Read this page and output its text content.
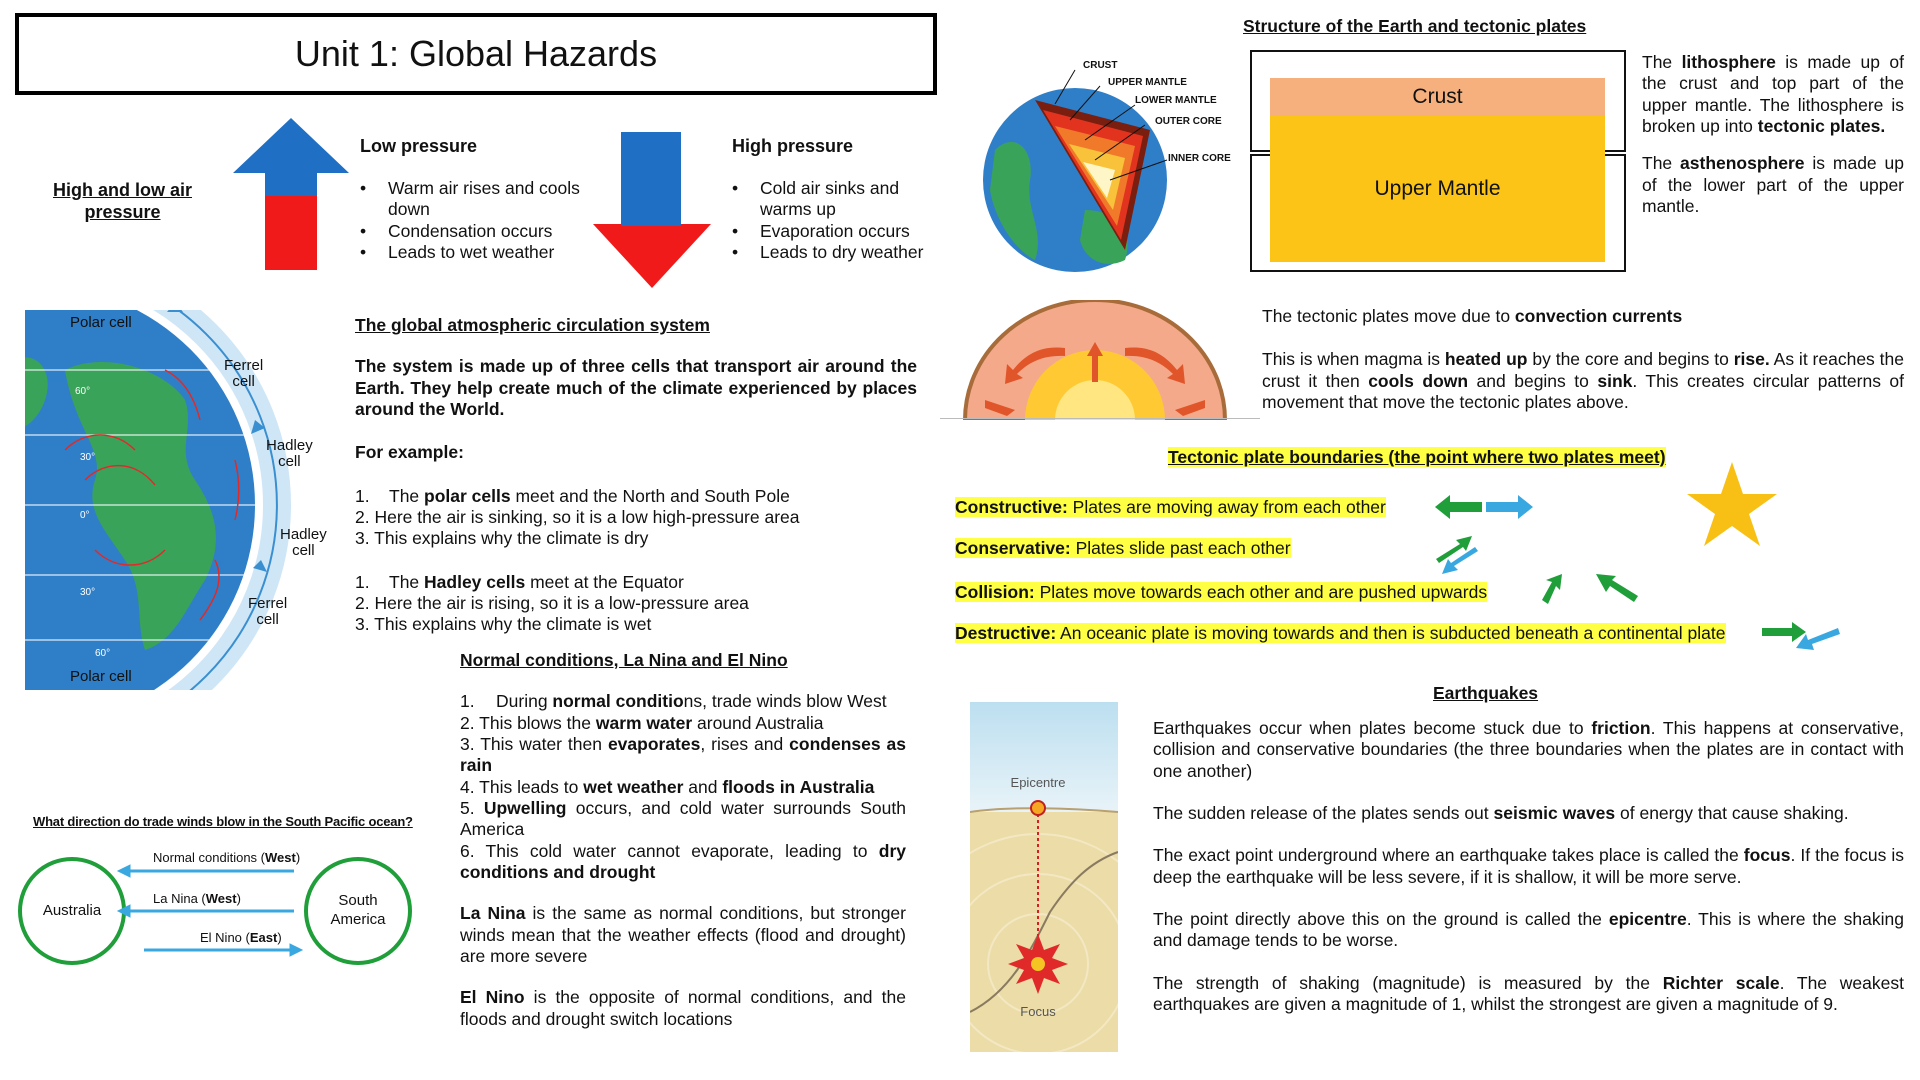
Unit 1: Global Hazards
High and low air
pressure
Low pressure
• Warm air rises and cools down
• Condensation occurs
• Leads to wet weather
High pressure
• Cold air sinks and warms up
• Evaporation occurs
• Leads to dry weather
60°
30°
0°
30°
60°
Polar cell
Polar cell
Ferrel
cell
Hadley
cell
Hadley
cell
Ferrel
cell
The global atmospheric circulation system

The system is made up of three cells that transport air around the Earth. They help create much of the climate experienced by places around the World.

For example:

1. The polar cells meet and the North and South Pole

2. Here the air is sinking, so it is a low high-pressure area

3. This explains why the climate is dry

1. The Hadley cells meet at the Equator

2. Here the air is rising, so it is a low-pressure area

3. This explains why the climate is wet

Normal conditions, La Nina and El Nino

1. During normal conditions, trade winds blow West

2. This blows the warm water around Australia

3. This water then evaporates, rises and condenses as rain

4. This leads to wet weather and floods in Australia

5. Upwelling occurs, and cold water surrounds South America

6. This cold water cannot evaporate, leading to dry conditions and drought

La Nina is the same as normal conditions, but stronger winds mean that the weather effects (flood and drought) are more severe

El Nino is the opposite of normal conditions, and the floods and drought switch locations

What direction do trade winds blow in the South Pacific ocean?
Australia
South
America
Normal conditions (West)
La Nina (West)
El Nino (East)
Structure of the Earth and tectonic plates
CRUST
UPPER MANTLE
LOWER MANTLE
OUTER CORE
INNER CORE
Crust
Upper Mantle

The lithosphere is made up of the crust and top part of the upper mantle. The lithosphere is broken up into tectonic plates.

The asthenosphere is made up of the lower part of the upper mantle.

The tectonic plates move due to convection currents

This is when magma is heated up by the core and begins to rise. As it reaches the crust it then cools down and begins to sink. This creates circular patterns of movement that move the tectonic plates above.

Tectonic plate boundaries (the point where two plates meet)
Constructive: Plates are moving away from each other
Conservative: Plates slide past each other
Collision: Plates move towards each other and are pushed upwards
Destructive: An oceanic plate is moving towards and then is subducted beneath a continental plate
Earthquakes
Epicentre
Focus

Earthquakes occur when plates become stuck due to friction. This happens at conservative, collision and conservative boundaries (the three boundaries when the plates are in contact with one another)

The sudden release of the plates sends out seismic waves of energy that cause shaking.

The exact point underground where an earthquake takes place is called the focus. If the focus is deep the earthquake will be less severe, if it is shallow, it will be more serve.

The point directly above this on the ground is called the epicentre. This is where the shaking and damage tends to be worse.

The strength of shaking (magnitude) is measured by the Richter scale. The weakest earthquakes are given a magnitude of 1, whilst the strongest are given a magnitude of 9.
